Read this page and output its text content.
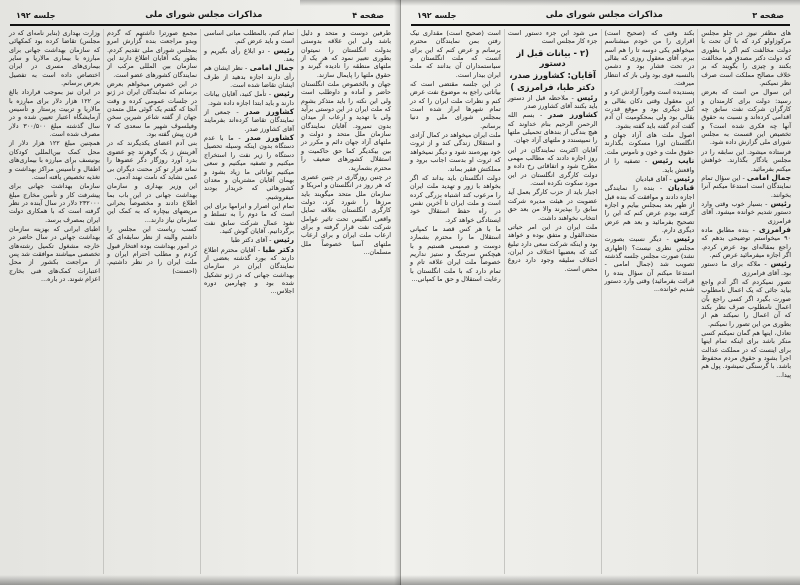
صفحه ۳
مذاکرات مجلس شورای ملی
جلسه ۱۹۲

های مظفر نیوز در جلو مجلس مرکوزاولو کرد که با آن تحت با دولت مخالفت کنم اگر با بطوری که دولت دکتر مصدق هم مخالفت بکنند و چیزی را بگویند که بر خلاف مصالح مملکت است صرف نظر نمیکنم.

این سوال من است که بعرض رسید: دولت برای کارمندان و کارگران شرکت نفت سابق چه اقدامی کرده‌اند و نسبت به حقوق آنها چه فکری شده است؟ و تخصیص این قسمت به مجلس شورای ملی گزارش داده شود.

فرستاده میشود. این سابقه را در مجلس یادگار بگذارند. خواهش میکنم بفرمائید.

جمال امامی - این سؤال تمام نمایندگان است استدعا میکنم آنرا بخوانند.

رئیس - بسیار خوب وقتی وارد دستور شدیم خوانده میشود. آقای فرامرزی

فرامرزی - بنده مطابق ماده ۹۰ میخواستم توضیحی بدهم که راجع بمقاله‌ای بود عرض کردم. اگر اجازه میفرمائید عرض کنم.

رئیس - ملاکه برای ما دستور بود. آقای فرامرزی

تصور نمیکردم که اگر آدم واجع بیاید جائی که یک اعمال نامطلوب صورت بگیرد اگر کسی راجع بآن اعمال نامطلوب صرف نظر بکند که آن اعمال را نمیکند هم از بطوری من این تصور را نمیکنم.

تعادل، اینها هم گمان نمیکنم کسی منکر باشد برای اینکه تمام اینها برای اینست که در مملکت عدالت اجرا بشود و حقوق مردم محفوظ باشد. با گرسنگی نمیشود. پول هم پیدا...

بکند وقتی که (صحیح است) اقراری را من خودم میشناسم میخواهم یکی دوسه تا را هم اسم ببرم. آقای معقول روزی که بقالی در تحت فشار بود و دشمن بالنسبه قوی بود ولی باز که انتظار میرفت.

پسندیده است وقوراً آزادش کرد و این معقول وقتی دکان بقالی و کبل دیگری بود و موقع قدرت بقالی بود ولی بمحکومیت آن آدم گفت آدم گفته باید گفته بشود.

اصول ملت های آزاد جهان و انگلستان اورا مسکوت بگذارند حقوق ملت و خون و ناموس ملت.

نایب رئیس - تصفیه را از واقعش باید.

رئیس - آقای قبادیان

قبادیان - بنده را نمایندگی اجازه دادند و موافقت که بنده قبل از ظهر بعد بمجلس بیایم و اجازه گرفته بودم عرض کنم که این را تصحیح بفرمائید و بعد هم عرض دیگری دارم.

رئیس - دیگر نسبت بصورت مجلس نظری نیست؟ (اظهاری نشد) صورت مجلس جلسه گذشته تصویب شد (جمال امامی - استدعا میکنم آن سؤال بنده را قرائت بفرمائید) وقتی وارد دستور شدیم خوانده...

می شود این جزء دستور است جزء کار مجلس است

(۲ - بیانات قبل از دستور
آقایان: کشاورز صدر،
دکتر طبا، فرامرزی )

رئیس - ملاحظه قبل از دستور باید بکنند آقای کشاورز صدر

کشاورز صدر - بسم الله الرحمن الرحیم بنام خداوند که هیچ بندگی از بندهای تحمیلی ملتها را نمیپسندد و ملتهای آزاد جهان.

آقایان اکثریت نمایندگان در این روز اجازه دادند که مطالب مهمی مطرح شود و اتفاقاتی رخ داده و دولت کارگری انگلستان در این مورد سکوت نکرده است.

اجبار باید از حزب کارگر بعمل آید عضویت در هیئت مدیره شرکت سابق را بپذیرند والا من بعد حق انتخاب نخواهند داشت.

ملت ایران در این امر حیاتی متحدالقول و متفق بوده و خواهد بود و اینکه شرکت سعی دارد تبلیغ کند که بعضیها اختلاف در ایران، اختلاف سلیقه وجود دارد دروغ محض است.

است (صحیح است) مقداری نیک رفتن بمن نمایندگان محترم برسانم و عرض کنم که این برای آنست که ملت انگلستان و سیاستمداران آن بدانند که ملت ایران بیدار است.

در این جلسه مقتضی است که بیاناتی راجع به موضوع نفت عرض کنم و نظرات ملت ایران را که در تمام شهرها ابراز شده است بمجلس شورای ملی و دنیا برسانم.

ملت ایران میخواهد در کمال آزادی و استقلال زندگی کند و از ثروت خود بهره‌مند شود و دیگر نمیخواهد که ثروت او بدست اجانب برود و مملکتش فقیر بماند.

دولت انگلستان باید بداند که اگر بخواهد با زور و تهدید ملت ایران را مرعوب کند اشتباه بزرگی کرده است و ملت ایران تا آخرین نفس در راه حفظ استقلال خود ایستادگی خواهد کرد.

ما با هر کس قصد ما کمپانی استقلال ما را محترم بشمارد دوست و صمیمی هستیم و با هیچکس سرجنگ و ستیز نداریم خصوصاً ملت ایران علاقه تام و تمام دارد که با ملت انگلستان با رعایت استقلال و حق ما کمپانی...

صفحه ۴
مذاکرات مجلس شورای ملی
جلسه ۱۹۲

طرفین دوست و متحد و دلیل باشد ولی این علاقه بدوستی بدولت انگلستان را نمیتوان بطوری تعبیر نمود که هر یک از ملتهای منطقه را نادیده گیرند و حقوق ملتها را پایمال سازند.

جهان و بالخصوص ملت انگلستان حاضر و آماده و داوطلب است ولی این نکته را باید متذکر بشوم که ملت ایران در این دوستی برآید ولی با تهدید و ارعاب از میدان بدون نمیرود. آقایان نمایندگان سازمان ملل متحد و دولت و ملتهای آزاد جهان دائم و مکرر در بین بیکدیگر کما حق حاکمیت و استقلال کشورهای ضعیف را محترم بشمارید.

در چنین روزگاری در چنین عصری که هر روز در انگلستان و امریکا و سازمان ملل متحد میگویند باید مرزها را شورد کرد، دولت کارگری انگلستان بعلاقه تمایل واقعی انگلیس تحت تاثیر عوامل شرکت نفت قرار گرفته و برای ارعاب ملت ایران و برای ارعاب ملتهای آسیا خصوصاً ملل مسلمان...

تمام کنم، بالمطلب مبانی اساسی است و باید عرض کنم.

رئیس - دو ابلاغ رأی بگیریم و بعد.

جمال امامی - نظر ایشان هم رأی دارند اجازه بدهید از طرف ایشان تقاضا شده است.

رئیس - تأمل کنید، آقایان بیانات دارند و باید ابتدا اجازه داده شود.

کشاورز صدر - جمعی از نمایندگان تقاضا کرده‌اند بفرمایند آقای کشاورز صدر.

کشاورز صدر - ما با عدم دستگاه بدون اینکه وسیله تحصیل دستگاه را زیر نفت را استخراج میکنیم و تصفیه میکنیم و سعی میکنیم توانائی ما زیاد بشود و بهمان آقایان مشتریان و معدان کشورهائی که خریدار بودند میفروشیم.

تمام این اصرار و ابرامها برای این است که ما دوم را به تسلط و نفوذ عمال شرکت سابق نفت برگردانیم. آقایان گوش کنید.

رئیس - آقای دکتر طبا

دکتر طبا - آقایان محترم اطلاع دارند که بورد گذشته بعضی از نمایندگان ایران در سازمان بهداشت جهانی که در ژنو تشکیل شده بود و چهارمین دوره اجلاس...

مجمع صورترا داشتهم که گردم وبدو مراجعت بنده گزارش امرو بمجلس شورای ملی تقدیم کردم. بطور یکه آقایان اطلاع دارند این سازمان بین المللی مرکب از نمایندگان کشورهای عضو است.

در این خصوص میخواهم بعرض برسانم که نمایندگان ایران در ژنو در جلسات عمومی کرده و وقت آنجا که گفتم یک گوئی ملل متمدن جهان از گفته شاعر شیرین سخن وفیلسوف شهیر ما سعدی که ۷ قرن پیش گفته بود.

بنی آدم اعضای یکدیگرند که در آفرینش ز یک گوهرند چو عضوی بدرد آورد روزگار دگر عضوها را نماند قرار تو کز محنت دیگران بی غمی نشاید که نامت نهند آدمی.

این وزیر بهداری و سازمان بهداشت جهانی در این باب بما اطلاع دادند و مخصوصاً بحرانی مریضهای بیچاره که به کمک این سازمان نیاز دارند...

کسب ریاست این مجلس را داشتم والبته از نظر سابقه‌ای که در امور بهداشت بوده افتخار قبول کردم و مطلب احترام ایران و ملت ایران را در نظر داشتیم. (احسنت)

وزارت بهداری (بنابر نامه‌ای که در مجلس) تقاضا کرده بود کمکهائی که سازمان بهداشت جهانی برای مبارزه با بیماری مالاریا و سایر بیماری‌های مسری در ایران اختصاص داده است به تفصیل بعرض برسانم.

در ایران نیز بموجب قرارداد بالغ بر ۱۲۲ هزار دلار برای مبارزه با مالاریا و تربیت پرستار و تأسیس آزمایشگاه اعتبار تعیین شده و در سال گذشته مبلغ ۳۰۰/۵۰۰ دلار مصرف شده است.

همچنین مبلغ ۱۲۲ هزار دلار از محل کمک بین‌المللی کودکان یونیسف برای مبارزه با بیماری‌های اطفال و تأسیس مراکز بهداشت و تغذیه تخصیص یافته است.

سازمان بهداشت جهانی برای پیشرفت کار و تأمین مخارج مبلغ ۲۳۲۰۰۰ دلار در سال آینده در نظر گرفته است که با همکاری دولت ایران بمصرف برسد.

اطبای ایرانی که بهزینه سازمان بهداشت جهانی در سال حاضر در خارجه مشغول تکمیل رشته‌های تخصصی میباشند موافقت شد پس از مراجعت بکشور از محل اعتبارات کمک‌های فنی بخارج اعزام شوند. در باره...
